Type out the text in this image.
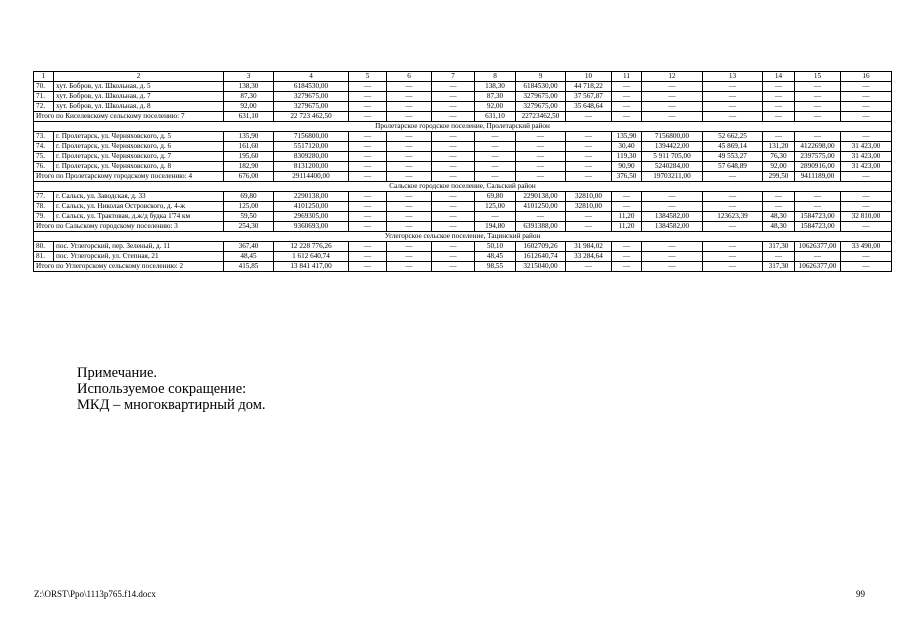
1	2	3	4	5	6	7	8	9	10	11	12	13	14	15	16
70.	хут. Бобров, ул. Школьная, д. 5	138,30	6184530,00	—	—	—	138,30	6184530,00	44 718,22	—	—	—	—	—	—
71.	хут. Бобров, ул. Школьная, д. 7	87,30	3279675,00	—	—	—	87,30	3279675,00	37 567,87	—	—	—	—	—	—
72.	хут. Бобров, ул. Школьная, д. 8	92,00	3279675,00	—	—	—	92,00	3279675,00	35 648,64	—	—	—	—	—	—
Итого по Киселевскому сельскому поселению: 7		631,10	22 723 462,50	—	—	—	631,10	22723462,50	—	—	—	—	—	—	—
Пролетарское городское поселение, Пролетарский район															
73.	г. Пролетарск, ул. Черняховского, д. 5	135,90	7156800,00	—	—	—	—	—	—	135,90	7156800,00	52 662,25	—	—	—
74.	г. Пролетарск, ул. Черняховского, д. 6	161,60	5517120,00	—	—	—	—	—	—	30,40	1394422,00	45 869,14	131,20	4122698,00	31 423,00
75.	г. Пролетарск, ул. Черняховского, д. 7	195,60	8309280,00	—	—	—	—	—	—	119,30	5 911 705,00	49 553,27	76,30	2397575,00	31 423,00
76.	г. Пролетарск, ул. Черняховского, д. 8	182,90	8131200,00	—	—	—	—	—	—	90,90	5240284,00	57 648,89	92,00	2890916,00	31 423,00
Итого по Пролетарскому городскому поселению: 4		676,00	29114400,00	—	—	—	—	—	—	376,50	19703211,00	—	299,50	9411189,00	—
Сальское городское поселение, Сальский район															
77.	г. Сальск, ул. Заводская, д. 33	69,80	2290138,00	—	—	—	69,80	2290138,00	32810,00	—	—	—	—	—	—
78.	г. Сальск, ул. Николая Островского, д. 4-ж	125,00	4101250,00	—	—	—	125,00	4101250,00	32810,00	—	—	—	—	—	—
79.	г. Сальск, ул. Трактовая, д.ж/д будка 1'74 км	59,50	2969305,00	—	—	—	—	—	—	11,20	1384582,00	123623,39	48,30	1584723,00	32 810,00
Итого по Сальскому городскому поселению: 3		254,30	9360693,00	—	—	—	194,80	6391388,00	—	11,20	1384582,00	—	48,30	1584723,00	—
Углегорское сельское поселение, Тацинский район															
80.	пос. Углегорский, пер. Зеленый, д. 11	367,40	12 228 776,26	—	—	—	50,10	1602709,26	31 984,02	—	—	—	317,30	10626377,00	33 490,00
81.	пос. Углегорский, ул. Степная, 21	48,45	1 612 640,74	—	—	—	48,45	1612640,74	33 284,64	—	—	—	—	—	—
Итого по Углегорскому сельскому поселению: 2		415,85	13 841 417,00	—	—	—	98,55	3215040,00	—	—	—	—	317,30	10626377,00	—
Примечание.
Используемое сокращение:
МКД – многоквартирный дом.
Z:\ORST\Ppo\1113p765.f14.docx	99
